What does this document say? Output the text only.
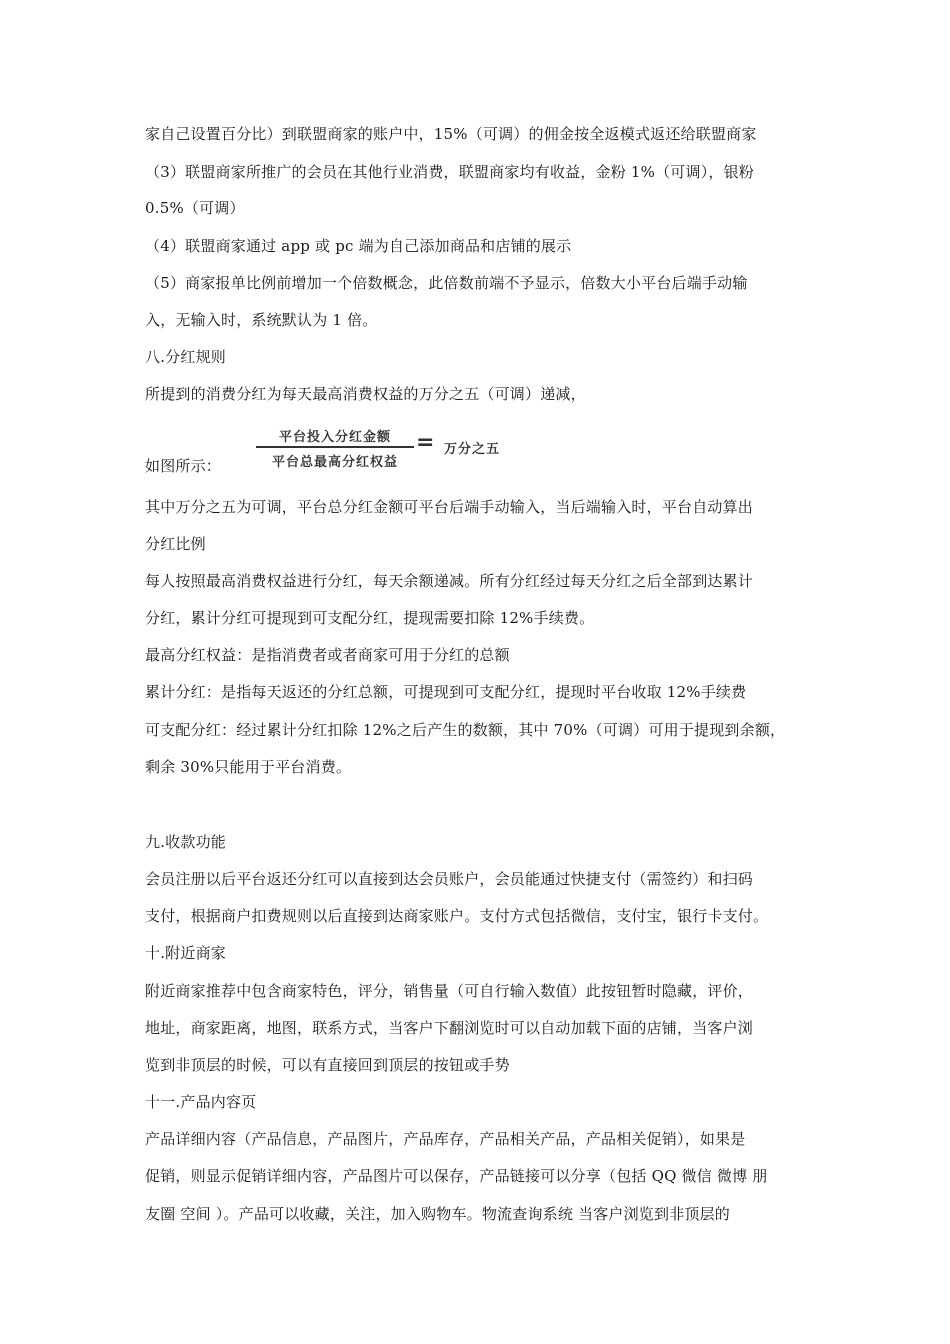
家自己设置百分比）到联盟商家的账户中，15%（可调）的佣金按全返模式返还给联盟商家
（3）联盟商家所推广的会员在其他行业消费，联盟商家均有收益，金粉 1%（可调），银粉
0.5%（可调）
（4）联盟商家通过 app 或 pc 端为自己添加商品和店铺的展示
（5）商家报单比例前增加一个倍数概念，此倍数前端不予显示，倍数大小平台后端手动输
入，无输入时，系统默认为 1 倍。
八.分红规则
所提到的消费分红为每天最高消费权益的万分之五（可调）递减，
如图所示：
平台投入分红金额
平台总最高分红权益
= 万分之五
其中万分之五为可调，平台总分红金额可平台后端手动输入，当后端输入时，平台自动算出
分红比例
每人按照最高消费权益进行分红，每天余额递减。所有分红经过每天分红之后全部到达累计
分红，累计分红可提现到可支配分红，提现需要扣除 12%手续费。
最高分红权益：是指消费者或者商家可用于分红的总额
累计分红：是指每天返还的分红总额，可提现到可支配分红，提现时平台收取 12%手续费
可支配分红：经过累计分红扣除 12%之后产生的数额，其中 70%（可调）可用于提现到余额，
剩余 30%只能用于平台消费。
九.收款功能
会员注册以后平台返还分红可以直接到达会员账户，会员能通过快捷支付（需签约）和扫码
支付，根据商户扣费规则以后直接到达商家账户。支付方式包括微信，支付宝，银行卡支付。
十.附近商家
附近商家推荐中包含商家特色，评分，销售量（可自行输入数值）此按钮暂时隐藏，评价，
地址，商家距离，地图，联系方式，当客户下翻浏览时可以自动加载下面的店铺，当客户浏
览到非顶层的时候，可以有直接回到顶层的按钮或手势
十一.产品内容页
产品详细内容（产品信息，产品图片，产品库存，产品相关产品，产品相关促销），如果是
促销，则显示促销详细内容，产品图片可以保存，产品链接可以分享（包括 QQ 微信 微博 朋
友圈 空间 ）。产品可以收藏，关注，加入购物车。物流查询系统 当客户浏览到非顶层的
